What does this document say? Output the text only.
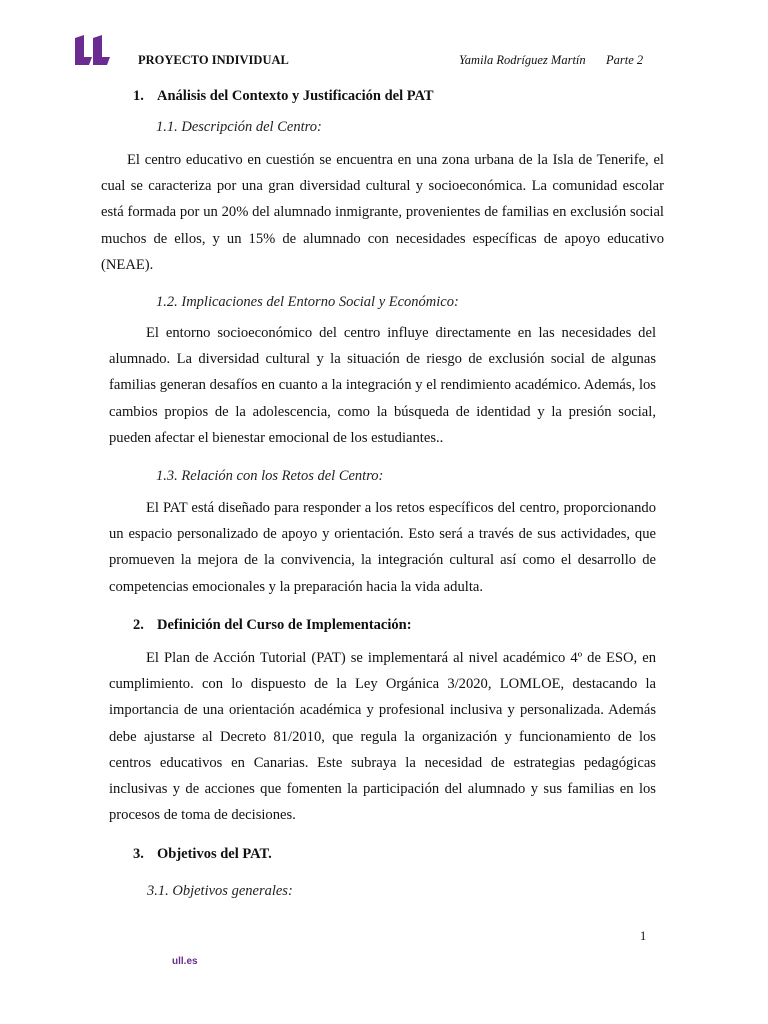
PROYECTO INDIVIDUAL	Yamila Rodríguez Martín Parte 2
1. Análisis del Contexto y Justificación del PAT
1.1. Descripción del Centro:

El centro educativo en cuestión se encuentra en una zona urbana de la Isla de Tenerife, el cual se caracteriza por una gran diversidad cultural y socioeconómica. La comunidad escolar está formada por un 20% del alumnado inmigrante, provenientes de familias en exclusión social muchos de ellos, y un 15% de alumnado con necesidades específicas de apoyo educativo (NEAE).

1.2. Implicaciones del Entorno Social y Económico:

El entorno socioeconómico del centro influye directamente en las necesidades del alumnado. La diversidad cultural y la situación de riesgo de exclusión social de algunas familias generan desafíos en cuanto a la integración y el rendimiento académico. Además, los cambios propios de la adolescencia, como la búsqueda de identidad y la presión social, pueden afectar el bienestar emocional de los estudiantes..

1.3. Relación con los Retos del Centro:

El PAT está diseñado para responder a los retos específicos del centro, proporcionando un espacio personalizado de apoyo y orientación. Esto será a través de sus actividades, que promueven la mejora de la convivencia, la integración cultural así como el desarrollo de competencias emocionales y la preparación hacia la vida adulta.

2. Definición del Curso de Implementación:

El Plan de Acción Tutorial (PAT) se implementará al nivel académico 4º de ESO, en cumplimiento. con lo dispuesto de la Ley Orgánica 3/2020, LOMLOE, destacando la importancia de una orientación académica y profesional inclusiva y personalizada. Además debe ajustarse al Decreto 81/2010, que regula la organización y funcionamiento de los centros educativos en Canarias. Este subraya la necesidad de estrategias pedagógicas inclusivas y de acciones que fomenten la participación del alumnado y sus familias en los procesos de toma de decisiones.

3. Objetivos del PAT.
3.1. Objetivos generales:
1
ull.es
